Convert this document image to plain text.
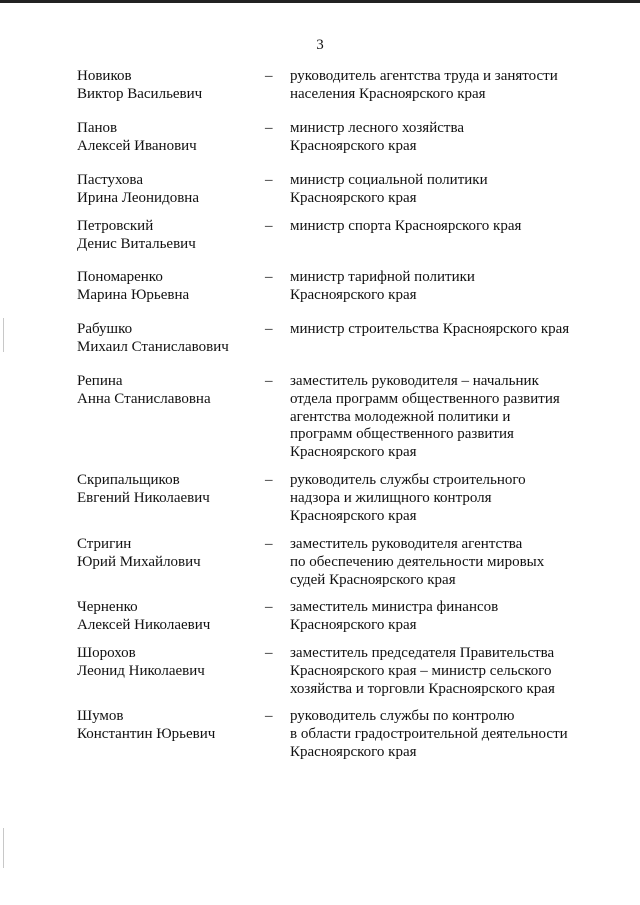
3
Новиков
Виктор Васильевич
–	руководитель агентства труда и занятости
населения Красноярского края
Панов
Алексей Иванович
–	министр лесного хозяйства
Красноярского края
Пастухова
Ирина Леонидовна
–	министр социальной политики
Красноярского края
Петровский
Денис Витальевич
–	министр спорта Красноярского края
Пономаренко
Марина Юрьевна
–	министр тарифной политики
Красноярского края
Рабушко
Михаил Станиславович
–	министр строительства Красноярского края
Репина
Анна Станиславовна
–	заместитель руководителя – начальник
отдела программ общественного развития
агентства молодежной политики и
программ общественного развития
Красноярского края
Скрипальщиков
Евгений Николаевич
–	руководитель службы строительного
надзора и жилищного контроля
Красноярского края
Стригин
Юрий Михайлович
–	заместитель руководителя агентства
по обеспечению деятельности мировых
судей Красноярского края
Черненко
Алексей Николаевич
–	заместитель министра финансов
Красноярского края
Шорохов
Леонид Николаевич
–	заместитель председателя Правительства
Красноярского края – министр сельского
хозяйства и торговли Красноярского края
Шумов
Константин Юрьевич
–	руководитель службы по контролю
в области градостроительной деятельности
Красноярского края
